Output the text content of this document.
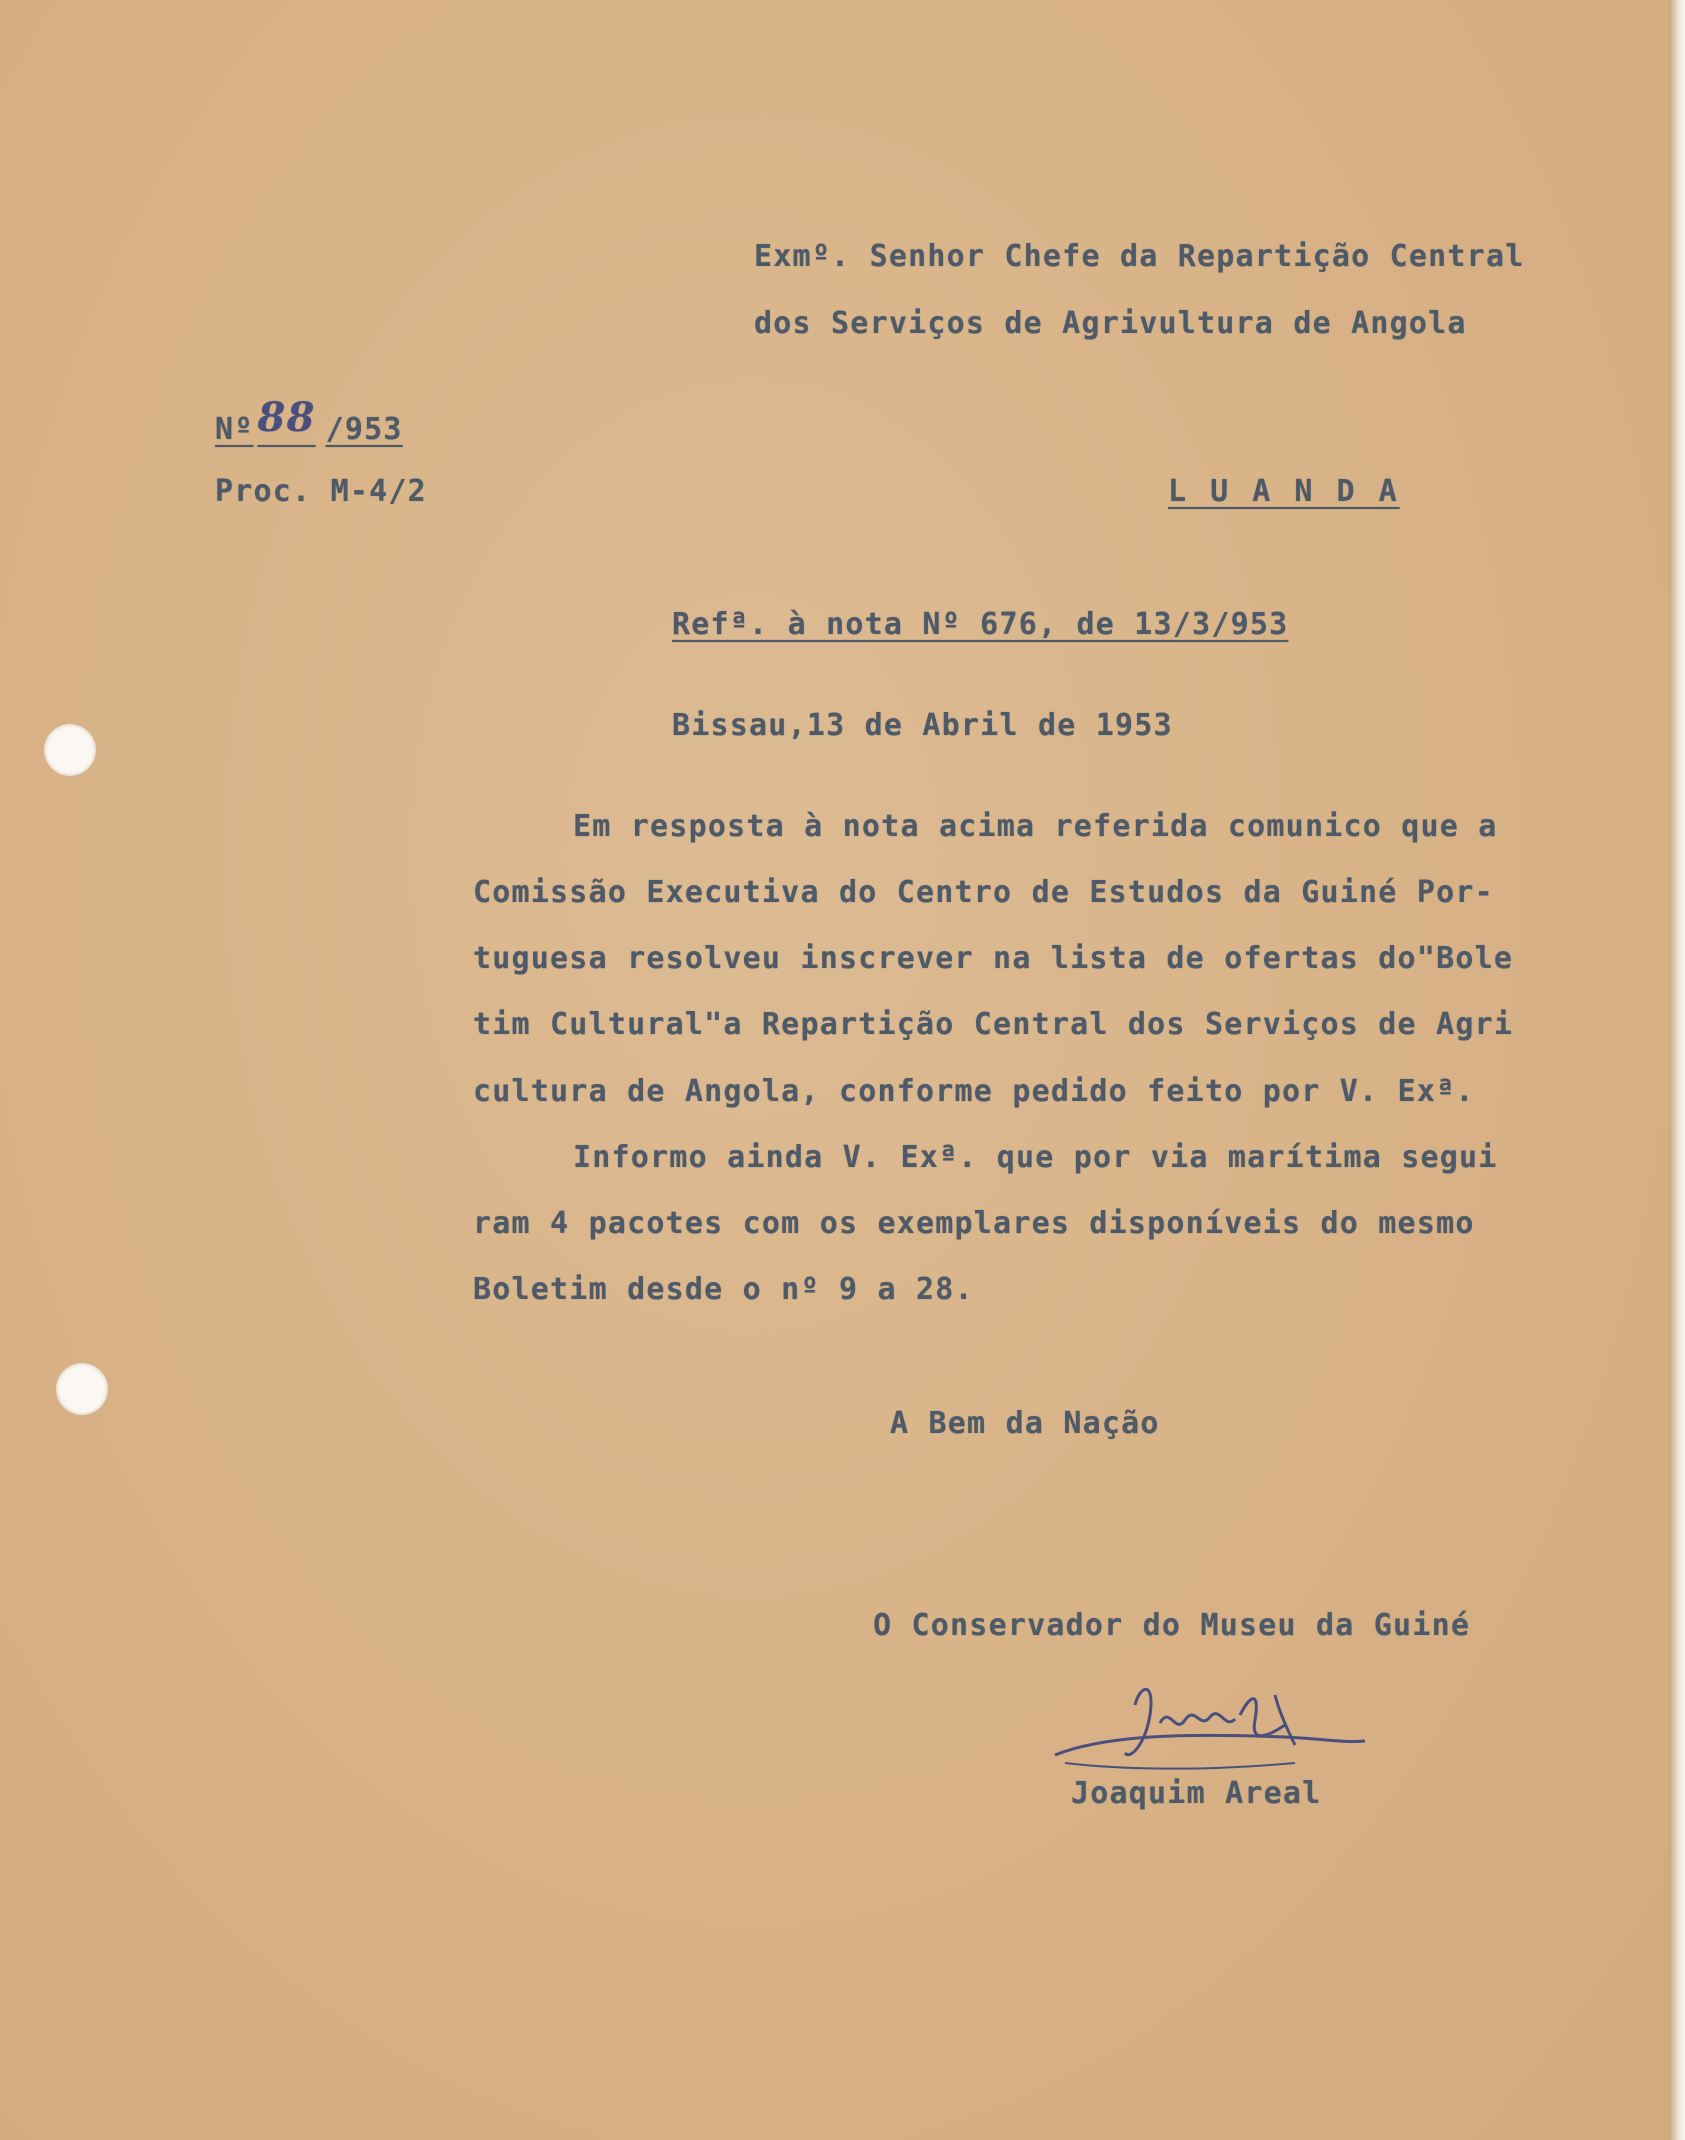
Exmº. Senhor Chefe da Repartição Central
dos Serviços de Agrivultura de Angola
Nº 88 /953
Proc. M-4/2	L U A N D A
Refª. à nota Nº 676, de 13/3/953
Bissau,13 de Abril de 1953
Em resposta à nota acima referida comunico que a
Comissão Executiva do Centro de Estudos da Guiné Por-
tuguesa resolveu inscrever na lista de ofertas do"Bole
tim Cultural"a Repartição Central dos Serviços de Agri
cultura de Angola, conforme pedido feito por V. Exª.
Informo ainda V. Exª. que por via marítima segui
ram 4 pacotes com os exemplares disponíveis do mesmo
Boletim desde o nº 9 a 28.
A Bem da Nação
O Conservador do Museu da Guiné
Joaquim Areal
